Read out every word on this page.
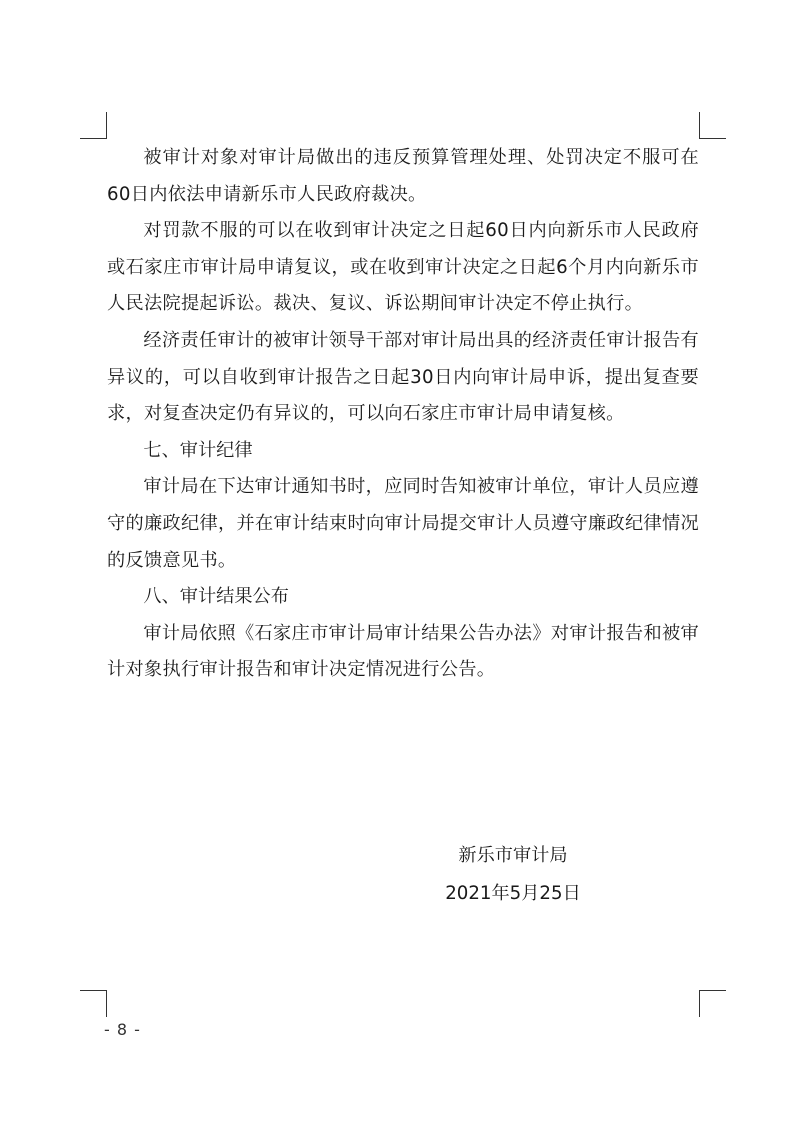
被审计对象对审计局做出的违反预算管理处理、处罚决定不服可在60日内依法申请新乐市人民政府裁决。

对罚款不服的可以在收到审计决定之日起60日内向新乐市人民政府或石家庄市审计局申请复议，或在收到审计决定之日起6个月内向新乐市人民法院提起诉讼。裁决、复议、诉讼期间审计决定不停止执行。

经济责任审计的被审计领导干部对审计局出具的经济责任审计报告有异议的，可以自收到审计报告之日起30日内向审计局申诉，提出复查要求，对复查决定仍有异议的，可以向石家庄市审计局申请复核。

七、审计纪律

审计局在下达审计通知书时，应同时告知被审计单位，审计人员应遵守的廉政纪律，并在审计结束时向审计局提交审计人员遵守廉政纪律情况的反馈意见书。

八、审计结果公布

审计局依照《石家庄市审计局审计结果公告办法》对审计报告和被审计对象执行审计报告和审计决定情况进行公告。

新乐市审计局
2021年5月25日
- 8 -
